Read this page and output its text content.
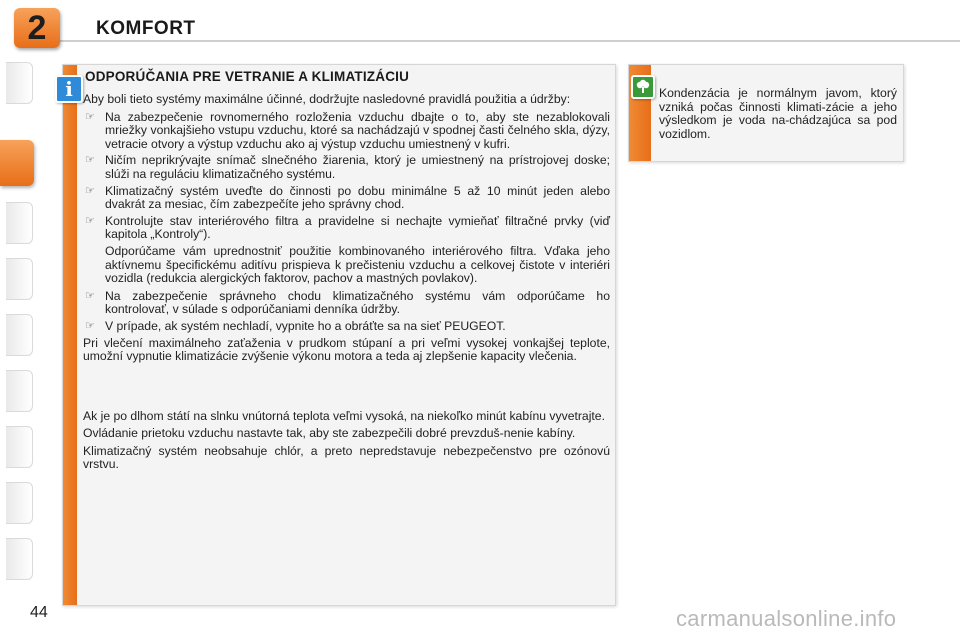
2	KOMFORT
i
ODPORÚČANIA PRE VETRANIE A KLIMATIZÁCIU

Aby boli tieto systémy maximálne účinné, dodržujte nasledovné pravidlá použitia a údržby:

☞ Na zabezpečenie rovnomerného rozloženia vzduchu dbajte o to, aby ste nezablokovali mriežky vonkajšieho vstupu vzduchu, ktoré sa nachádzajú v spodnej časti čelného skla, dýzy, vetracie otvory a výstup vzduchu ako aj výstup vzduchu umiestnený v kufri.
☞ Ničím neprikrývajte snímač slnečného žiarenia, ktorý je umiestnený na prístrojovej doske; slúži na reguláciu klimatizačného systému.
☞ Klimatizačný systém uveďte do činnosti po dobu minimálne 5 až 10 minút jeden alebo dvakrát za mesiac, čím zabezpečíte jeho správny chod.
☞ Kontrolujte stav interiérového filtra a pravidelne si nechajte vymieňať filtračné prvky (viď kapitola „Kontroly“).

Odporúčame vám uprednostniť použitie kombinovaného interiérového filtra. Vďaka jeho aktívnemu špecifickému aditívu prispieva k prečisteniu vzduchu a celkovej čistote v interiéri vozidla (redukcia alergických faktorov, pachov a mastných povlakov).

☞ Na zabezpečenie správneho chodu klimatizačného systému vám odporúčame ho kontrolovať, v súlade s odporúčaniami denníka údržby.
☞ V prípade, ak systém nechladí, vypnite ho a obráťte sa na sieť PEUGEOT.

Pri vlečení maximálneho zaťaženia v prudkom stúpaní a pri veľmi vysokej vonkajšej teplote, umožní vypnutie klimatizácie zvýšenie výkonu motora a teda aj zlepšenie kapacity vlečenia.

Ak je po dlhom státí na slnku vnútorná teplota veľmi vysoká, na niekoľko minút kabínu vyvetrajte.

Ovládanie prietoku vzduchu nastavte tak, aby ste zabezpečili dobré prevzduš-nenie kabíny.

Klimatizačný systém neobsahuje chlór, a preto nepredstavuje nebezpečenstvo pre ozónovú vrstvu.

Kondenzácia je normálnym javom, ktorý vzniká počas činnosti klimati-zácie a jeho výsledkom je voda na-chádzajúca sa pod vozidlom.
44	carmanualsonline.info
